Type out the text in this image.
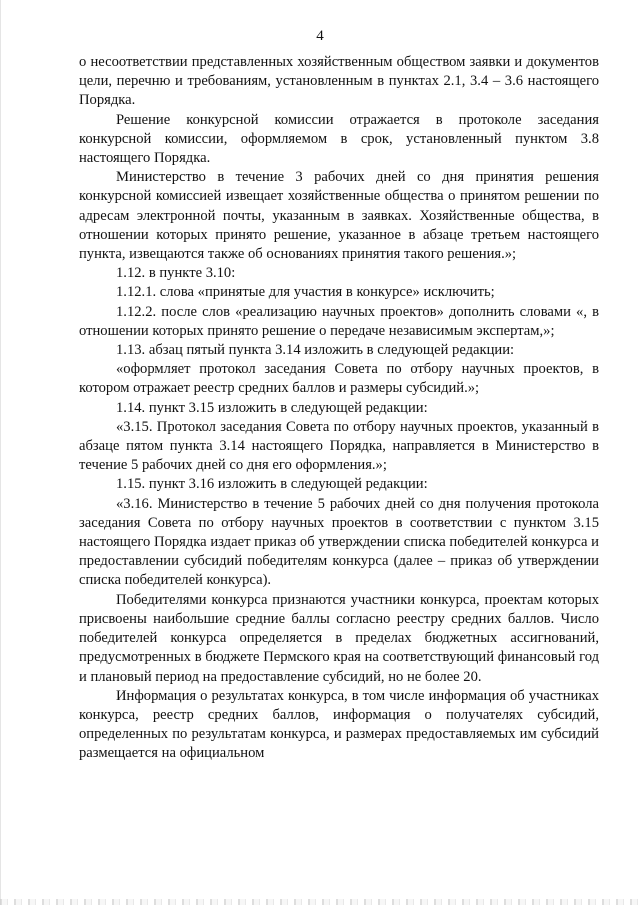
4

о несоответствии представленных хозяйственным обществом заявки и документов цели, перечню и требованиям, установленным в пунктах 2.1, 3.4 – 3.6 настоящего Порядка.

Решение конкурсной комиссии отражается в протоколе заседания конкурсной комиссии, оформляемом в срок, установленный пунктом 3.8 настоящего Порядка.

Министерство в течение 3 рабочих дней со дня принятия решения конкурсной комиссией извещает хозяйственные общества о принятом решении по адресам электронной почты, указанным в заявках. Хозяйственные общества, в отношении которых принято решение, указанное в абзаце третьем настоящего пункта, извещаются также об основаниях принятия такого решения.»;

1.12. в пункте 3.10:

1.12.1. слова «принятые для участия в конкурсе» исключить;

1.12.2. после слов «реализацию научных проектов» дополнить словами «, в отношении которых принято решение о передаче независимым экспертам,»;

1.13. абзац пятый пункта 3.14 изложить в следующей редакции:

«оформляет протокол заседания Совета по отбору научных проектов, в котором отражает реестр средних баллов и размеры субсидий.»;

1.14. пункт 3.15 изложить в следующей редакции:

«3.15. Протокол заседания Совета по отбору научных проектов, указанный в абзаце пятом пункта 3.14 настоящего Порядка, направляется в Министерство в течение 5 рабочих дней со дня его оформления.»;

1.15. пункт 3.16 изложить в следующей редакции:

«3.16. Министерство в течение 5 рабочих дней со дня получения протокола заседания Совета по отбору научных проектов в соответствии с пунктом 3.15 настоящего Порядка издает приказ об утверждении списка победителей конкурса и предоставлении субсидий победителям конкурса (далее – приказ об утверждении списка победителей конкурса).

Победителями конкурса признаются участники конкурса, проектам которых присвоены наибольшие средние баллы согласно реестру средних баллов. Число победителей конкурса определяется в пределах бюджетных ассигнований, предусмотренных в бюджете Пермского края на соответствующий финансовый год и плановый период на предоставление субсидий, но не более 20.

Информация о результатах конкурса, в том числе информация об участниках конкурса, реестр средних баллов, информация о получателях субсидий, определенных по результатам конкурса, и размерах предоставляемых им субсидий размещается на официальном
